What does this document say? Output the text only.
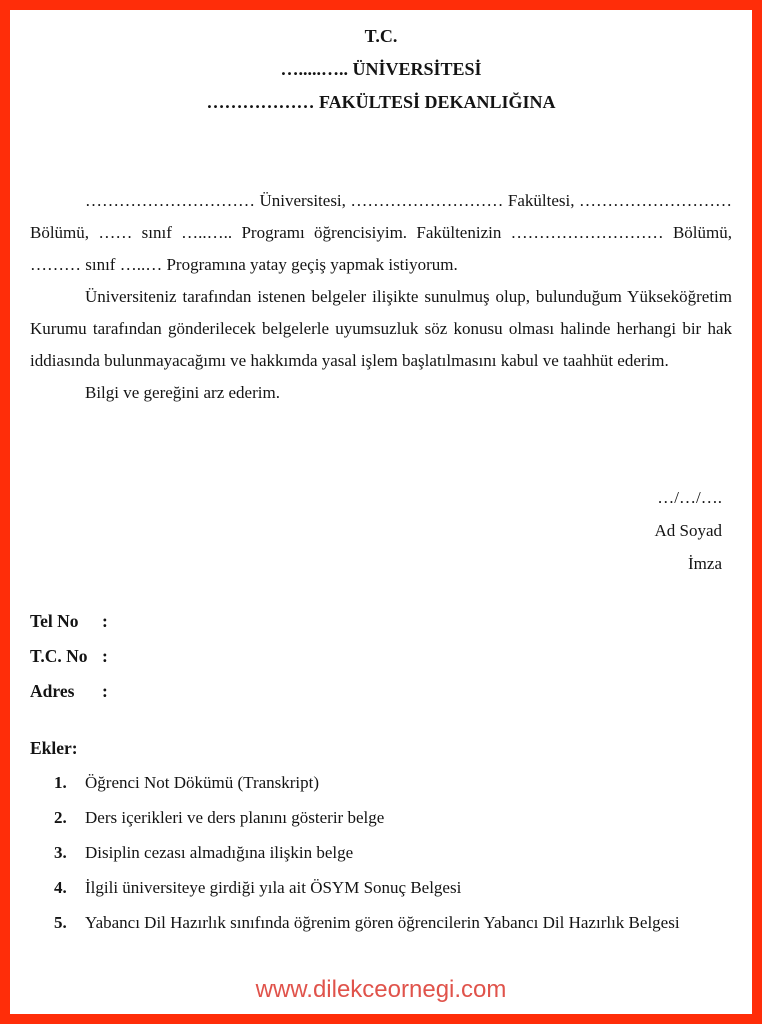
T.C.
….....….. ÜNİVERSİTESİ
……………… FAKÜLTESİ DEKANLIĞINA

………………………… Üniversitesi, ……………………… Fakültesi, ……………………… Bölümü, …… sınıf …..….. Programı öğrencisiyim. Fakültenizin ……………………… Bölümü, ……… sınıf …..… Programına yatay geçiş yapmak istiyorum.

Üniversiteniz tarafından istenen belgeler ilişikte sunulmuş olup, bulunduğum Yükseköğretim Kurumu tarafından gönderilecek belgelerle uyumsuzluk söz konusu olması halinde herhangi bir hak iddiasında bulunmayacağımı ve hakkımda yasal işlem başlatılmasını kabul ve taahhüt ederim.

Bilgi ve gereğini arz ederim.

…/…/….
Ad Soyad
İmza
Tel No :
T.C. No :
Adres :

Ekler:

1. Öğrenci Not Dökümü (Transkript)
2. Ders içerikleri ve ders planını gösterir belge
3. Disiplin cezası almadığına ilişkin belge
4. İlgili üniversiteye girdiği yıla ait ÖSYM Sonuç Belgesi
5. Yabancı Dil Hazırlık sınıfında öğrenim gören öğrencilerin Yabancı Dil Hazırlık Belgesi
www.dilekceornegi.com
